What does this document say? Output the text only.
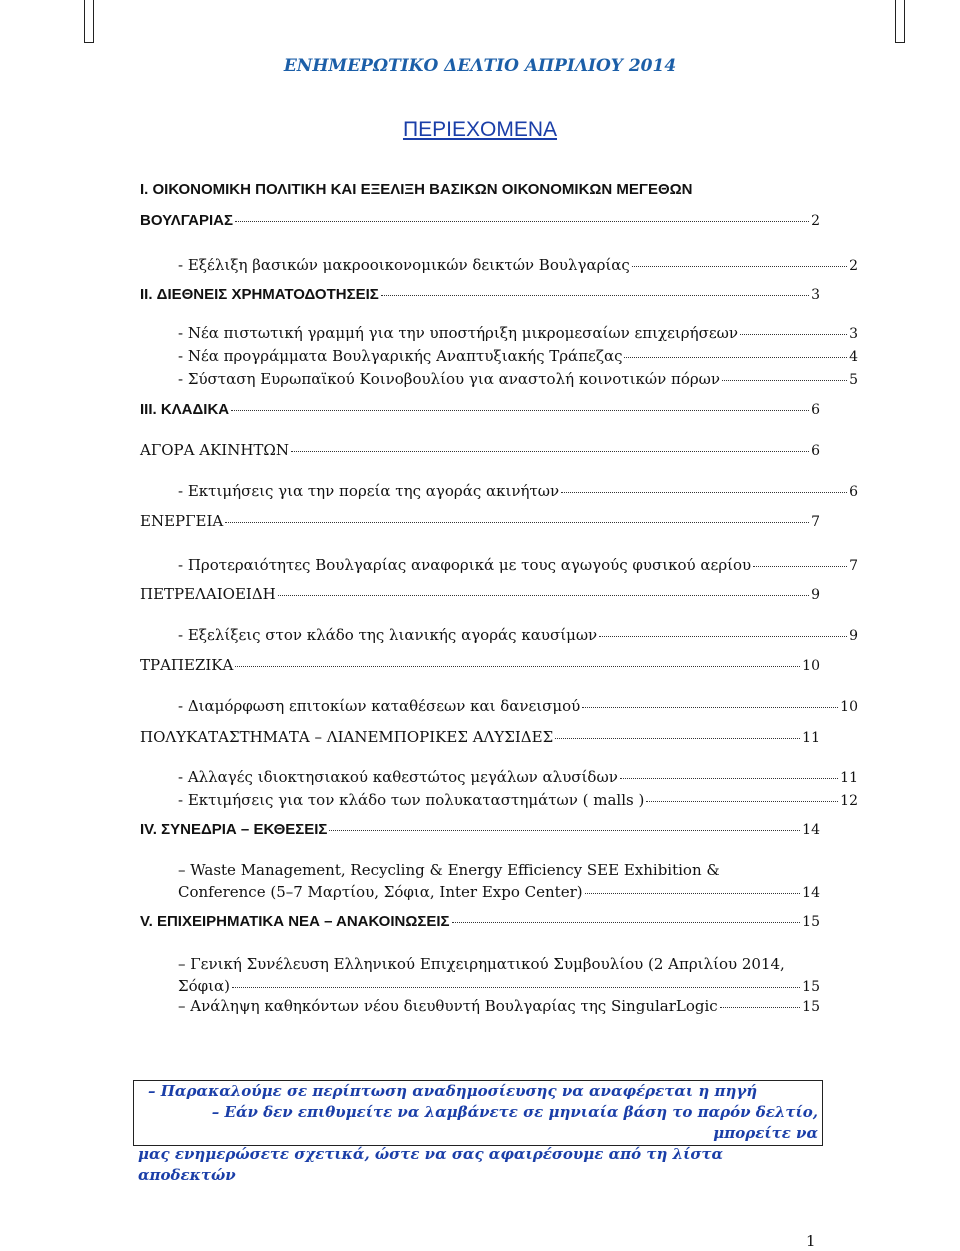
ΕΝΗΜΕΡΩΤΙΚΟ ΔΕΛΤΙΟ ΑΠΡΙΛΙΟΥ 2014
ΠΕΡΙΕΧΟΜΕΝΑ
I. ΟΙΚΟΝΟΜΙΚΗ ΠΟΛΙΤΙΚΗ ΚΑΙ ΕΞΕΛΙΞΗ ΒΑΣΙΚΩΝ ΟΙΚΟΝΟΜΙΚΩΝ ΜΕΓΕΘΩΝ
ΒΟΥΛΓΑΡΙΑΣ	2
- Εξέλιξη βασικών μακροοικονομικών δεικτών Βουλγαρίας	2
II. ΔΙΕΘΝΕΙΣ ΧΡΗΜΑΤΟΔΟΤΗΣΕΙΣ	3
- Νέα πιστωτική γραμμή για την υποστήριξη μικρομεσαίων επιχειρήσεων	3
- Νέα προγράμματα Βουλγαρικής Αναπτυξιακής Τράπεζας	4
- Σύσταση Ευρωπαϊκού Κοινοβουλίου για αναστολή κοινοτικών πόρων	5
III. ΚΛΑΔΙΚΑ	6
ΑΓΟΡΑ ΑΚΙΝΗΤΩΝ	6
- Εκτιμήσεις για την πορεία της αγοράς ακινήτων	6
ΕΝΕΡΓΕΙΑ	7
- Προτεραιότητες Βουλγαρίας αναφορικά με τους αγωγούς φυσικού αερίου	7
ΠΕΤΡΕΛΑΙΟΕΙΔΗ	9
- Εξελίξεις στον κλάδο της λιανικής αγοράς καυσίμων	9
ΤΡΑΠΕΖΙΚΑ	10
- Διαμόρφωση επιτοκίων καταθέσεων και δανεισμού	10
ΠΟΛΥΚΑΤΑΣΤΗΜΑΤΑ – ΛΙΑΝΕΜΠΟΡΙΚΕΣ ΑΛΥΣΙΔΕΣ	11
- Αλλαγές ιδιοκτησιακού καθεστώτος μεγάλων αλυσίδων	11
- Εκτιμήσεις για τον κλάδο των πολυκαταστημάτων ( malls )	12
IV. ΣΥΝΕΔΡΙΑ – ΕΚΘΕΣΕΙΣ	14
– Waste Management, Recycling & Energy Efficiency SEE Exhibition &
Conference (5–7 Μαρτίου, Σόφια, Inter Expo Center)	14
V. ΕΠΙΧΕΙΡΗΜΑΤΙΚΑ ΝΕΑ – ΑΝΑΚΟΙΝΩΣΕΙΣ	15
– Γενική Συνέλευση Ελληνικού Επιχειρηματικού Συμβουλίου (2 Απριλίου 2014,
Σόφια)	15
– Ανάληψη καθηκόντων νέου διευθυντή Βουλγαρίας της SingularLogic	15
– Παρακαλούμε σε περίπτωση αναδημοσίευσης να αναφέρεται η πηγή
– Εάν δεν επιθυμείτε να λαμβάνετε σε μηνιαία βάση το παρόν δελτίο, μπορείτε να
μας ενημερώσετε σχετικά, ώστε να σας αφαιρέσουμε από τη λίστα αποδεκτών
1
